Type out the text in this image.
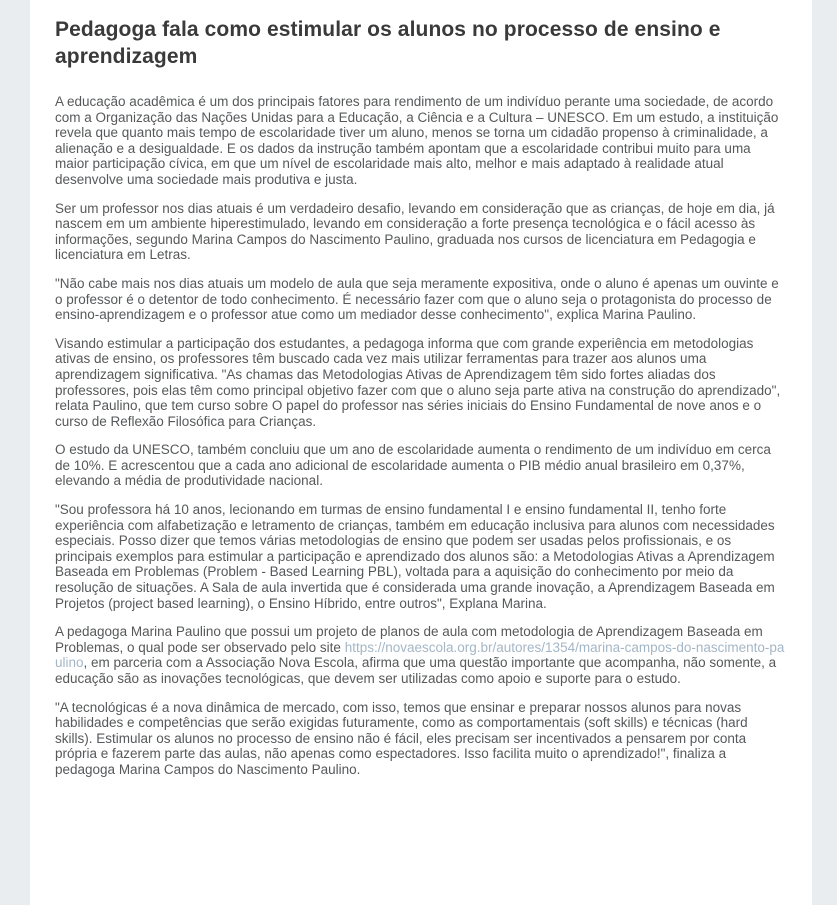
Pedagoga fala como estimular os alunos no processo de ensino e aprendizagem

A educação acadêmica é um dos principais fatores para rendimento de um indivíduo perante uma sociedade, de acordo com a Organização das Nações Unidas para a Educação, a Ciência e a Cultura – UNESCO. Em um estudo, a instituição revela que quanto mais tempo de escolaridade tiver um aluno, menos se torna um cidadão propenso à criminalidade, a alienação e a desigualdade. E os dados da instrução também apontam que a escolaridade contribui muito para uma maior participação cívica, em que um nível de escolaridade mais alto, melhor e mais adaptado à realidade atual desenvolve uma sociedade mais produtiva e justa.

Ser um professor nos dias atuais é um verdadeiro desafio, levando em consideração que as crianças, de hoje em dia, já nascem em um ambiente hiperestimulado, levando em consideração a forte presença tecnológica e o fácil acesso às informações, segundo Marina Campos do Nascimento Paulino, graduada nos cursos de licenciatura em Pedagogia e licenciatura em Letras.

"Não cabe mais nos dias atuais um modelo de aula que seja meramente expositiva, onde o aluno é apenas um ouvinte e o professor é o detentor de todo conhecimento. É necessário fazer com que o aluno seja o protagonista do processo de ensino-aprendizagem e o professor atue como um mediador desse conhecimento", explica Marina Paulino.

Visando estimular a participação dos estudantes, a pedagoga informa que com grande experiência em metodologias ativas de ensino, os professores têm buscado cada vez mais utilizar ferramentas para trazer aos alunos uma aprendizagem significativa. "As chamas das Metodologias Ativas de Aprendizagem têm sido fortes aliadas dos professores, pois elas têm como principal objetivo fazer com que o aluno seja parte ativa na construção do aprendizado", relata Paulino, que tem curso sobre O papel do professor nas séries iniciais do Ensino Fundamental de nove anos e o curso de Reflexão Filosófica para Crianças.

O estudo da UNESCO, também concluiu que um ano de escolaridade aumenta o rendimento de um indivíduo em cerca de 10%. E acrescentou que a cada ano adicional de escolaridade aumenta o PIB médio anual brasileiro em 0,37%, elevando a média de produtividade nacional.

"Sou professora há 10 anos, lecionando em turmas de ensino fundamental I e ensino fundamental II, tenho forte experiência com alfabetização e letramento de crianças, também em educação inclusiva para alunos com necessidades especiais. Posso dizer que temos várias metodologias de ensino que podem ser usadas pelos profissionais, e os principais exemplos para estimular a participação e aprendizado dos alunos são: a Metodologias Ativas a Aprendizagem Baseada em Problemas (Problem - Based Learning PBL), voltada para a aquisição do conhecimento por meio da resolução de situações. A Sala de aula invertida que é considerada uma grande inovação, a Aprendizagem Baseada em Projetos (project based learning), o Ensino Híbrido, entre outros", Explana Marina.

A pedagoga Marina Paulino que possui um projeto de planos de aula com metodologia de Aprendizagem Baseada em Problemas, o qual pode ser observado pelo site https://novaescola.org.br/autores/1354/marina-campos-do-nascimento-paulino, em parceria com a Associação Nova Escola, afirma que uma questão importante que acompanha, não somente, a educação são as inovações tecnológicas, que devem ser utilizadas como apoio e suporte para o estudo.

"A tecnológicas é a nova dinâmica de mercado, com isso, temos que ensinar e preparar nossos alunos para novas habilidades e competências que serão exigidas futuramente, como as comportamentais (soft skills) e técnicas (hard skills). Estimular os alunos no processo de ensino não é fácil, eles precisam ser incentivados a pensarem por conta própria e fazerem parte das aulas, não apenas como espectadores. Isso facilita muito o aprendizado!", finaliza a pedagoga Marina Campos do Nascimento Paulino.
